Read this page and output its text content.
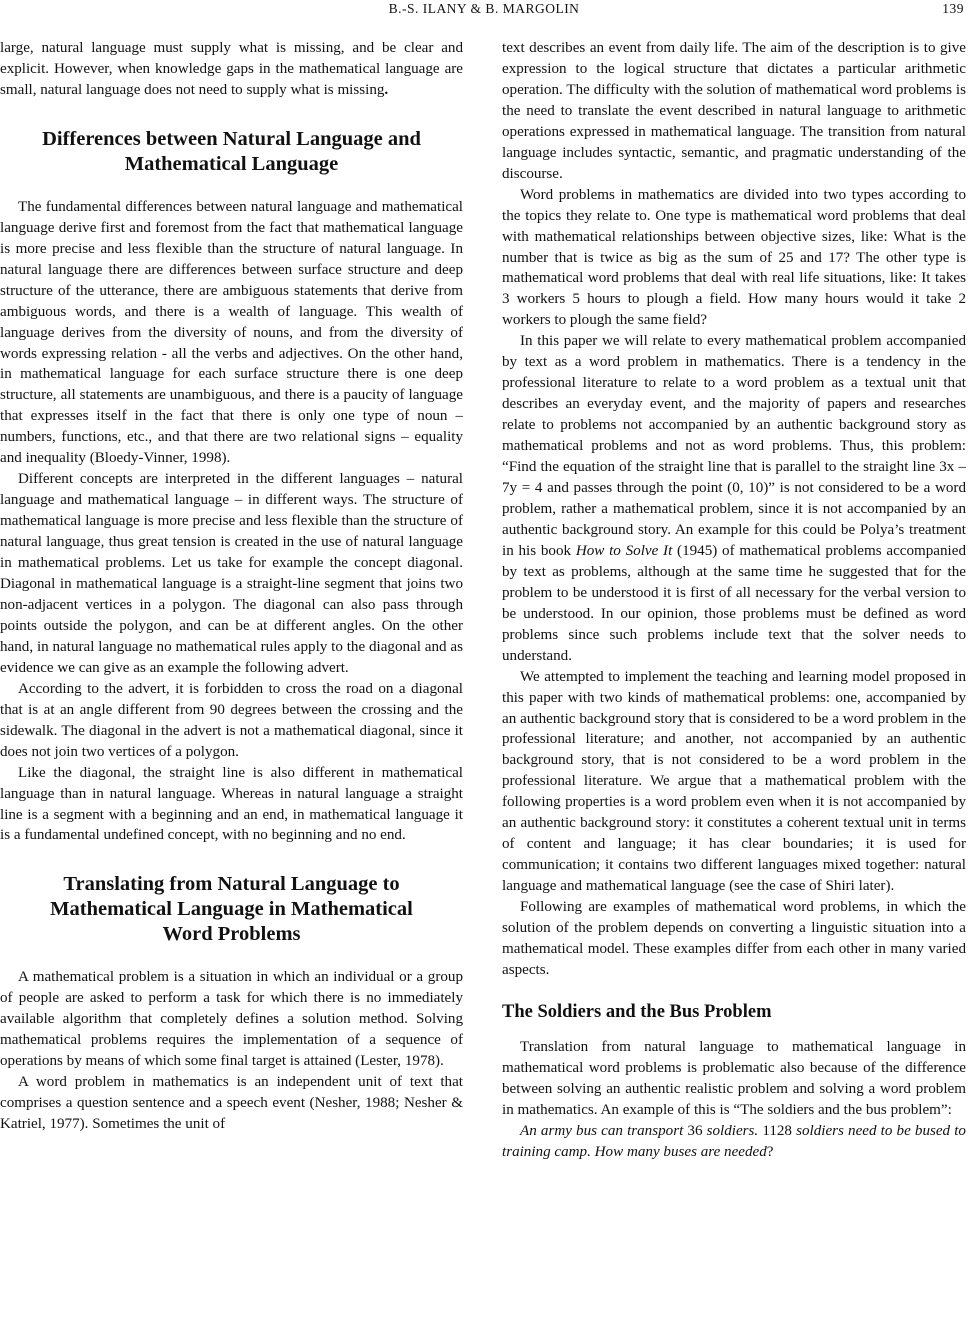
B.-S. ILANY & B. MARGOLIN	139

large, natural language must supply what is missing, and be clear and explicit. However, when knowledge gaps in the mathematical language are small, natural language does not need to supply what is missing.

Differences between Natural Language and
Mathematical Language

The fundamental differences between natural language and mathematical language derive first and foremost from the fact that mathematical language is more precise and less flexible than the structure of natural language. In natural language there are differences between surface structure and deep structure of the utterance, there are ambiguous statements that derive from ambiguous words, and there is a wealth of language. This wealth of language derives from the diversity of nouns, and from the diversity of words expressing relation - all the verbs and adjectives. On the other hand, in mathematical language for each surface structure there is one deep structure, all statements are unambiguous, and there is a paucity of language that expresses itself in the fact that there is only one type of noun – numbers, functions, etc., and that there are two relational signs – equality and inequality (Bloedy-Vinner, 1998).

Different concepts are interpreted in the different languages – natural language and mathematical language – in different ways. The structure of mathematical language is more precise and less flexible than the structure of natural language, thus great tension is created in the use of natural language in mathematical problems. Let us take for example the concept diagonal. Diagonal in mathematical language is a straight-line segment that joins two non-adjacent vertices in a polygon. The diagonal can also pass through points outside the polygon, and can be at different angles. On the other hand, in natural language no mathematical rules apply to the diagonal and as evidence we can give as an example the following advert.

According to the advert, it is forbidden to cross the road on a diagonal that is at an angle different from 90 degrees between the crossing and the sidewalk. The diagonal in the advert is not a mathematical diagonal, since it does not join two vertices of a polygon.

Like the diagonal, the straight line is also different in mathematical language than in natural language. Whereas in natural language a straight line is a segment with a beginning and an end, in mathematical language it is a fundamental undefined concept, with no beginning and no end.

Translating from Natural Language to
Mathematical Language in Mathematical
Word Problems

A mathematical problem is a situation in which an individual or a group of people are asked to perform a task for which there is no immediately available algorithm that completely defines a solution method. Solving mathematical problems requires the implementation of a sequence of operations by means of which some final target is attained (Lester, 1978).

A word problem in mathematics is an independent unit of text that comprises a question sentence and a speech event (Nesher, 1988; Nesher & Katriel, 1977). Sometimes the unit of

text describes an event from daily life. The aim of the description is to give expression to the logical structure that dictates a particular arithmetic operation. The difficulty with the solution of mathematical word problems is the need to translate the event described in natural language to arithmetic operations expressed in mathematical language. The transition from natural language includes syntactic, semantic, and pragmatic understanding of the discourse.

Word problems in mathematics are divided into two types according to the topics they relate to. One type is mathematical word problems that deal with mathematical relationships between objective sizes, like: What is the number that is twice as big as the sum of 25 and 17? The other type is mathematical word problems that deal with real life situations, like: It takes 3 workers 5 hours to plough a field. How many hours would it take 2 workers to plough the same field?

In this paper we will relate to every mathematical problem accompanied by text as a word problem in mathematics. There is a tendency in the professional literature to relate to a word problem as a textual unit that describes an everyday event, and the majority of papers and researches relate to problems not accompanied by an authentic background story as mathematical problems and not as word problems. Thus, this problem: “Find the equation of the straight line that is parallel to the straight line 3x – 7y = 4 and passes through the point (0, 10)” is not considered to be a word problem, rather a mathematical problem, since it is not accompanied by an authentic background story. An example for this could be Polya’s treatment in his book How to Solve It (1945) of mathematical problems accompanied by text as problems, although at the same time he suggested that for the problem to be understood it is first of all necessary for the verbal version to be understood. In our opinion, those problems must be defined as word problems since such problems include text that the solver needs to understand.

We attempted to implement the teaching and learning model proposed in this paper with two kinds of mathematical problems: one, accompanied by an authentic background story that is considered to be a word problem in the professional literature; and another, not accompanied by an authentic background story, that is not considered to be a word problem in the professional literature. We argue that a mathematical problem with the following properties is a word problem even when it is not accompanied by an authentic background story: it constitutes a coherent textual unit in terms of content and language; it has clear boundaries; it is used for communication; it contains two different languages mixed together: natural language and mathematical language (see the case of Shiri later).

Following are examples of mathematical word problems, in which the solution of the problem depends on converting a linguistic situation into a mathematical model. These examples differ from each other in many varied aspects.

The Soldiers and the Bus Problem

Translation from natural language to mathematical language in mathematical word problems is problematic also because of the difference between solving an authentic realistic problem and solving a word problem in mathematics. An example of this is “The soldiers and the bus problem”:

An army bus can transport 36 soldiers. 1128 soldiers need to be bused to training camp. How many buses are needed?
